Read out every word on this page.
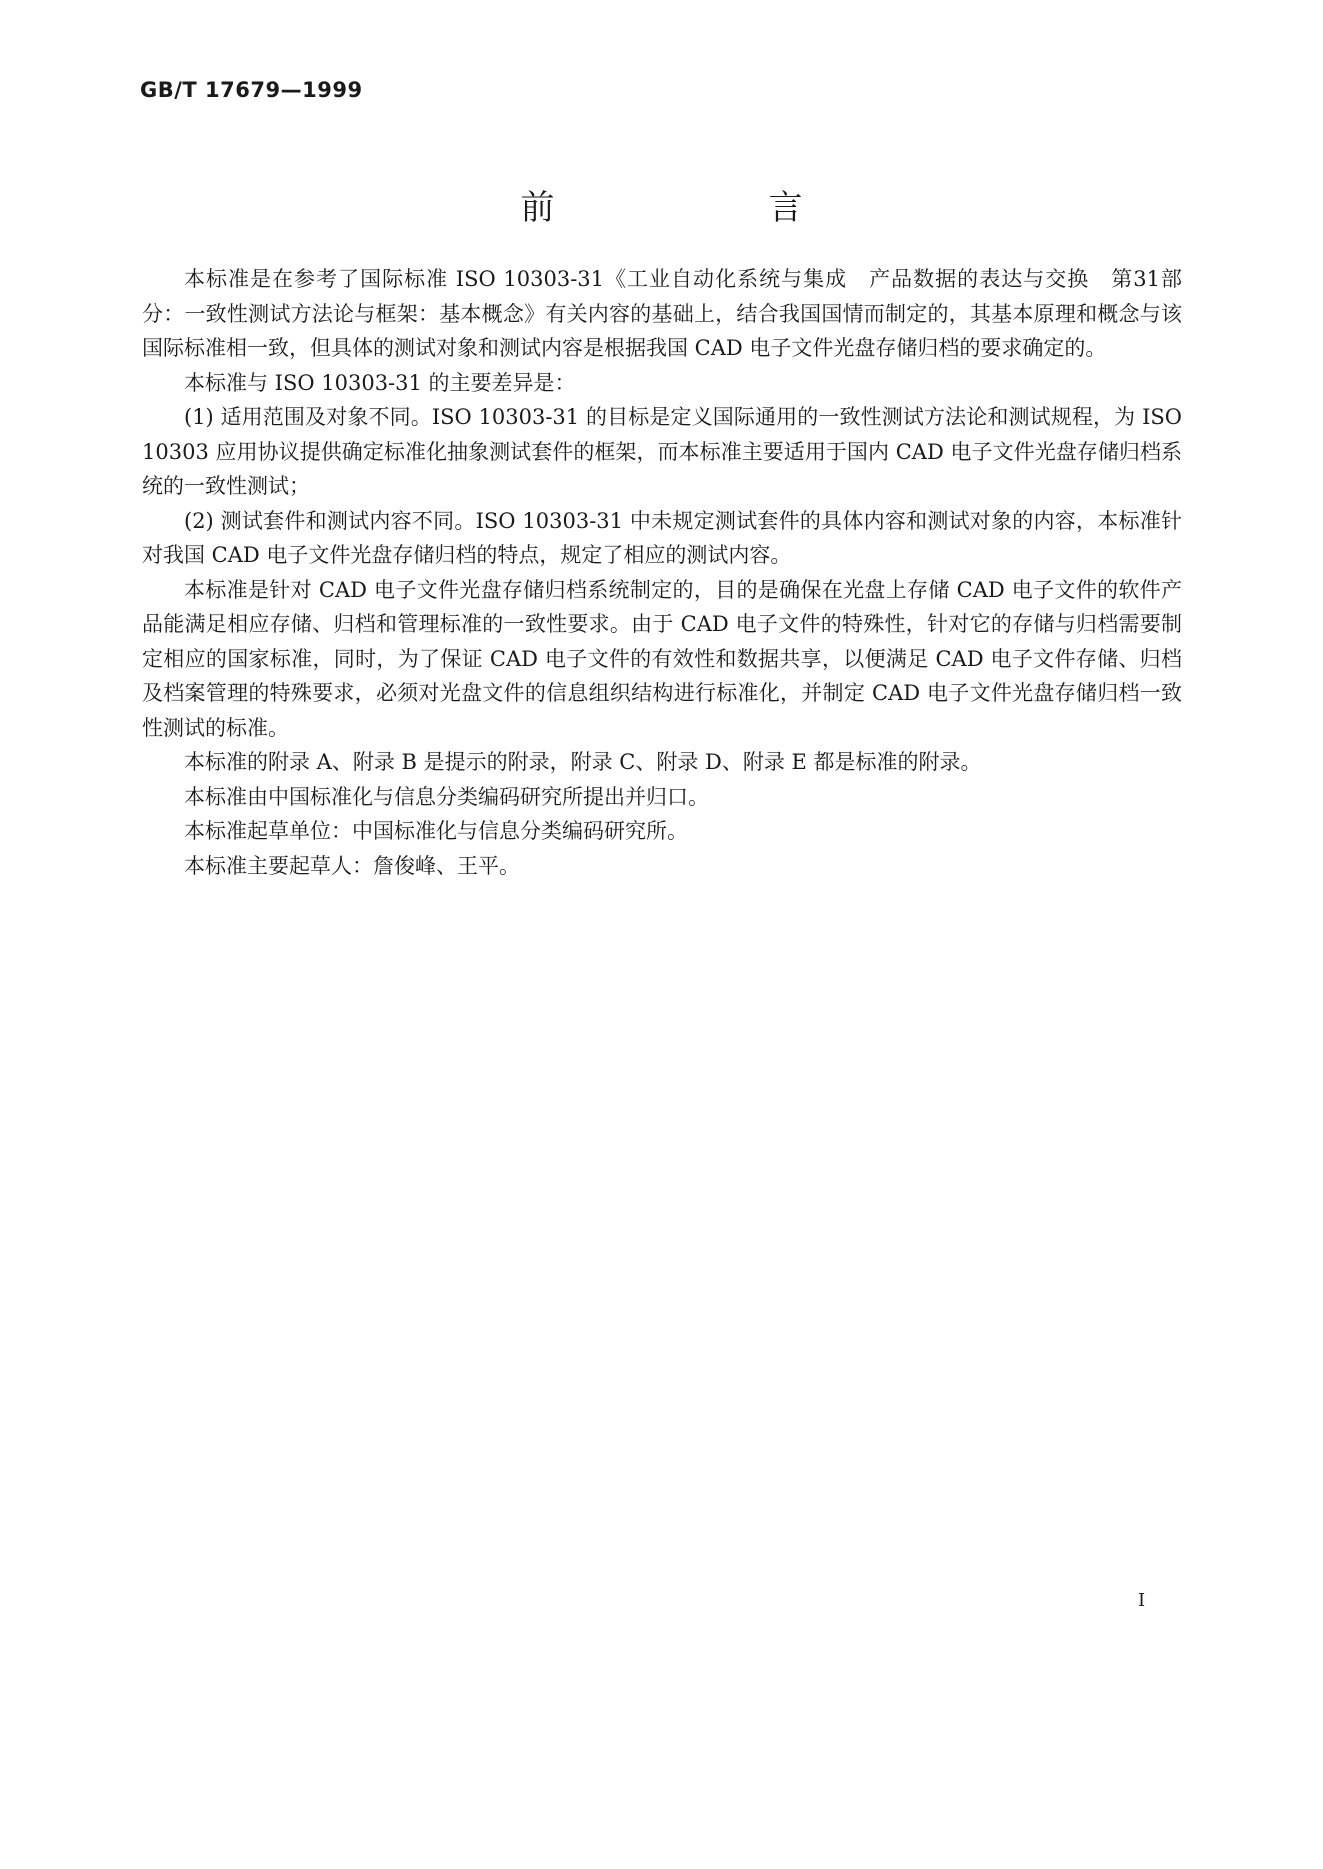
GB/T 17679—1999

前　言

本标准是在参考了国际标准 ISO 10303-31《工业自动化系统与集成　产品数据的表达与交换　第31部分：一致性测试方法论与框架：基本概念》有关内容的基础上，结合我国国情而制定的，其基本原理和概念与该国际标准相一致，但具体的测试对象和测试内容是根据我国 CAD 电子文件光盘存储归档的要求确定的。

本标准与 ISO 10303-31 的主要差异是：

(1) 适用范围及对象不同。ISO 10303-31 的目标是定义国际通用的一致性测试方法论和测试规程，为 ISO 10303 应用协议提供确定标准化抽象测试套件的框架，而本标准主要适用于国内 CAD 电子文件光盘存储归档系统的一致性测试；

(2) 测试套件和测试内容不同。ISO 10303-31 中未规定测试套件的具体内容和测试对象的内容，本标准针对我国 CAD 电子文件光盘存储归档的特点，规定了相应的测试内容。

本标准是针对 CAD 电子文件光盘存储归档系统制定的，目的是确保在光盘上存储 CAD 电子文件的软件产品能满足相应存储、归档和管理标准的一致性要求。由于 CAD 电子文件的特殊性，针对它的存储与归档需要制定相应的国家标准，同时，为了保证 CAD 电子文件的有效性和数据共享，以便满足 CAD 电子文件存储、归档及档案管理的特殊要求，必须对光盘文件的信息组织结构进行标准化，并制定 CAD 电子文件光盘存储归档一致性测试的标准。

本标准的附录 A、附录 B 是提示的附录，附录 C、附录 D、附录 E 都是标准的附录。

本标准由中国标准化与信息分类编码研究所提出并归口。

本标准起草单位：中国标准化与信息分类编码研究所。

本标准主要起草人：詹俊峰、王平。

I
